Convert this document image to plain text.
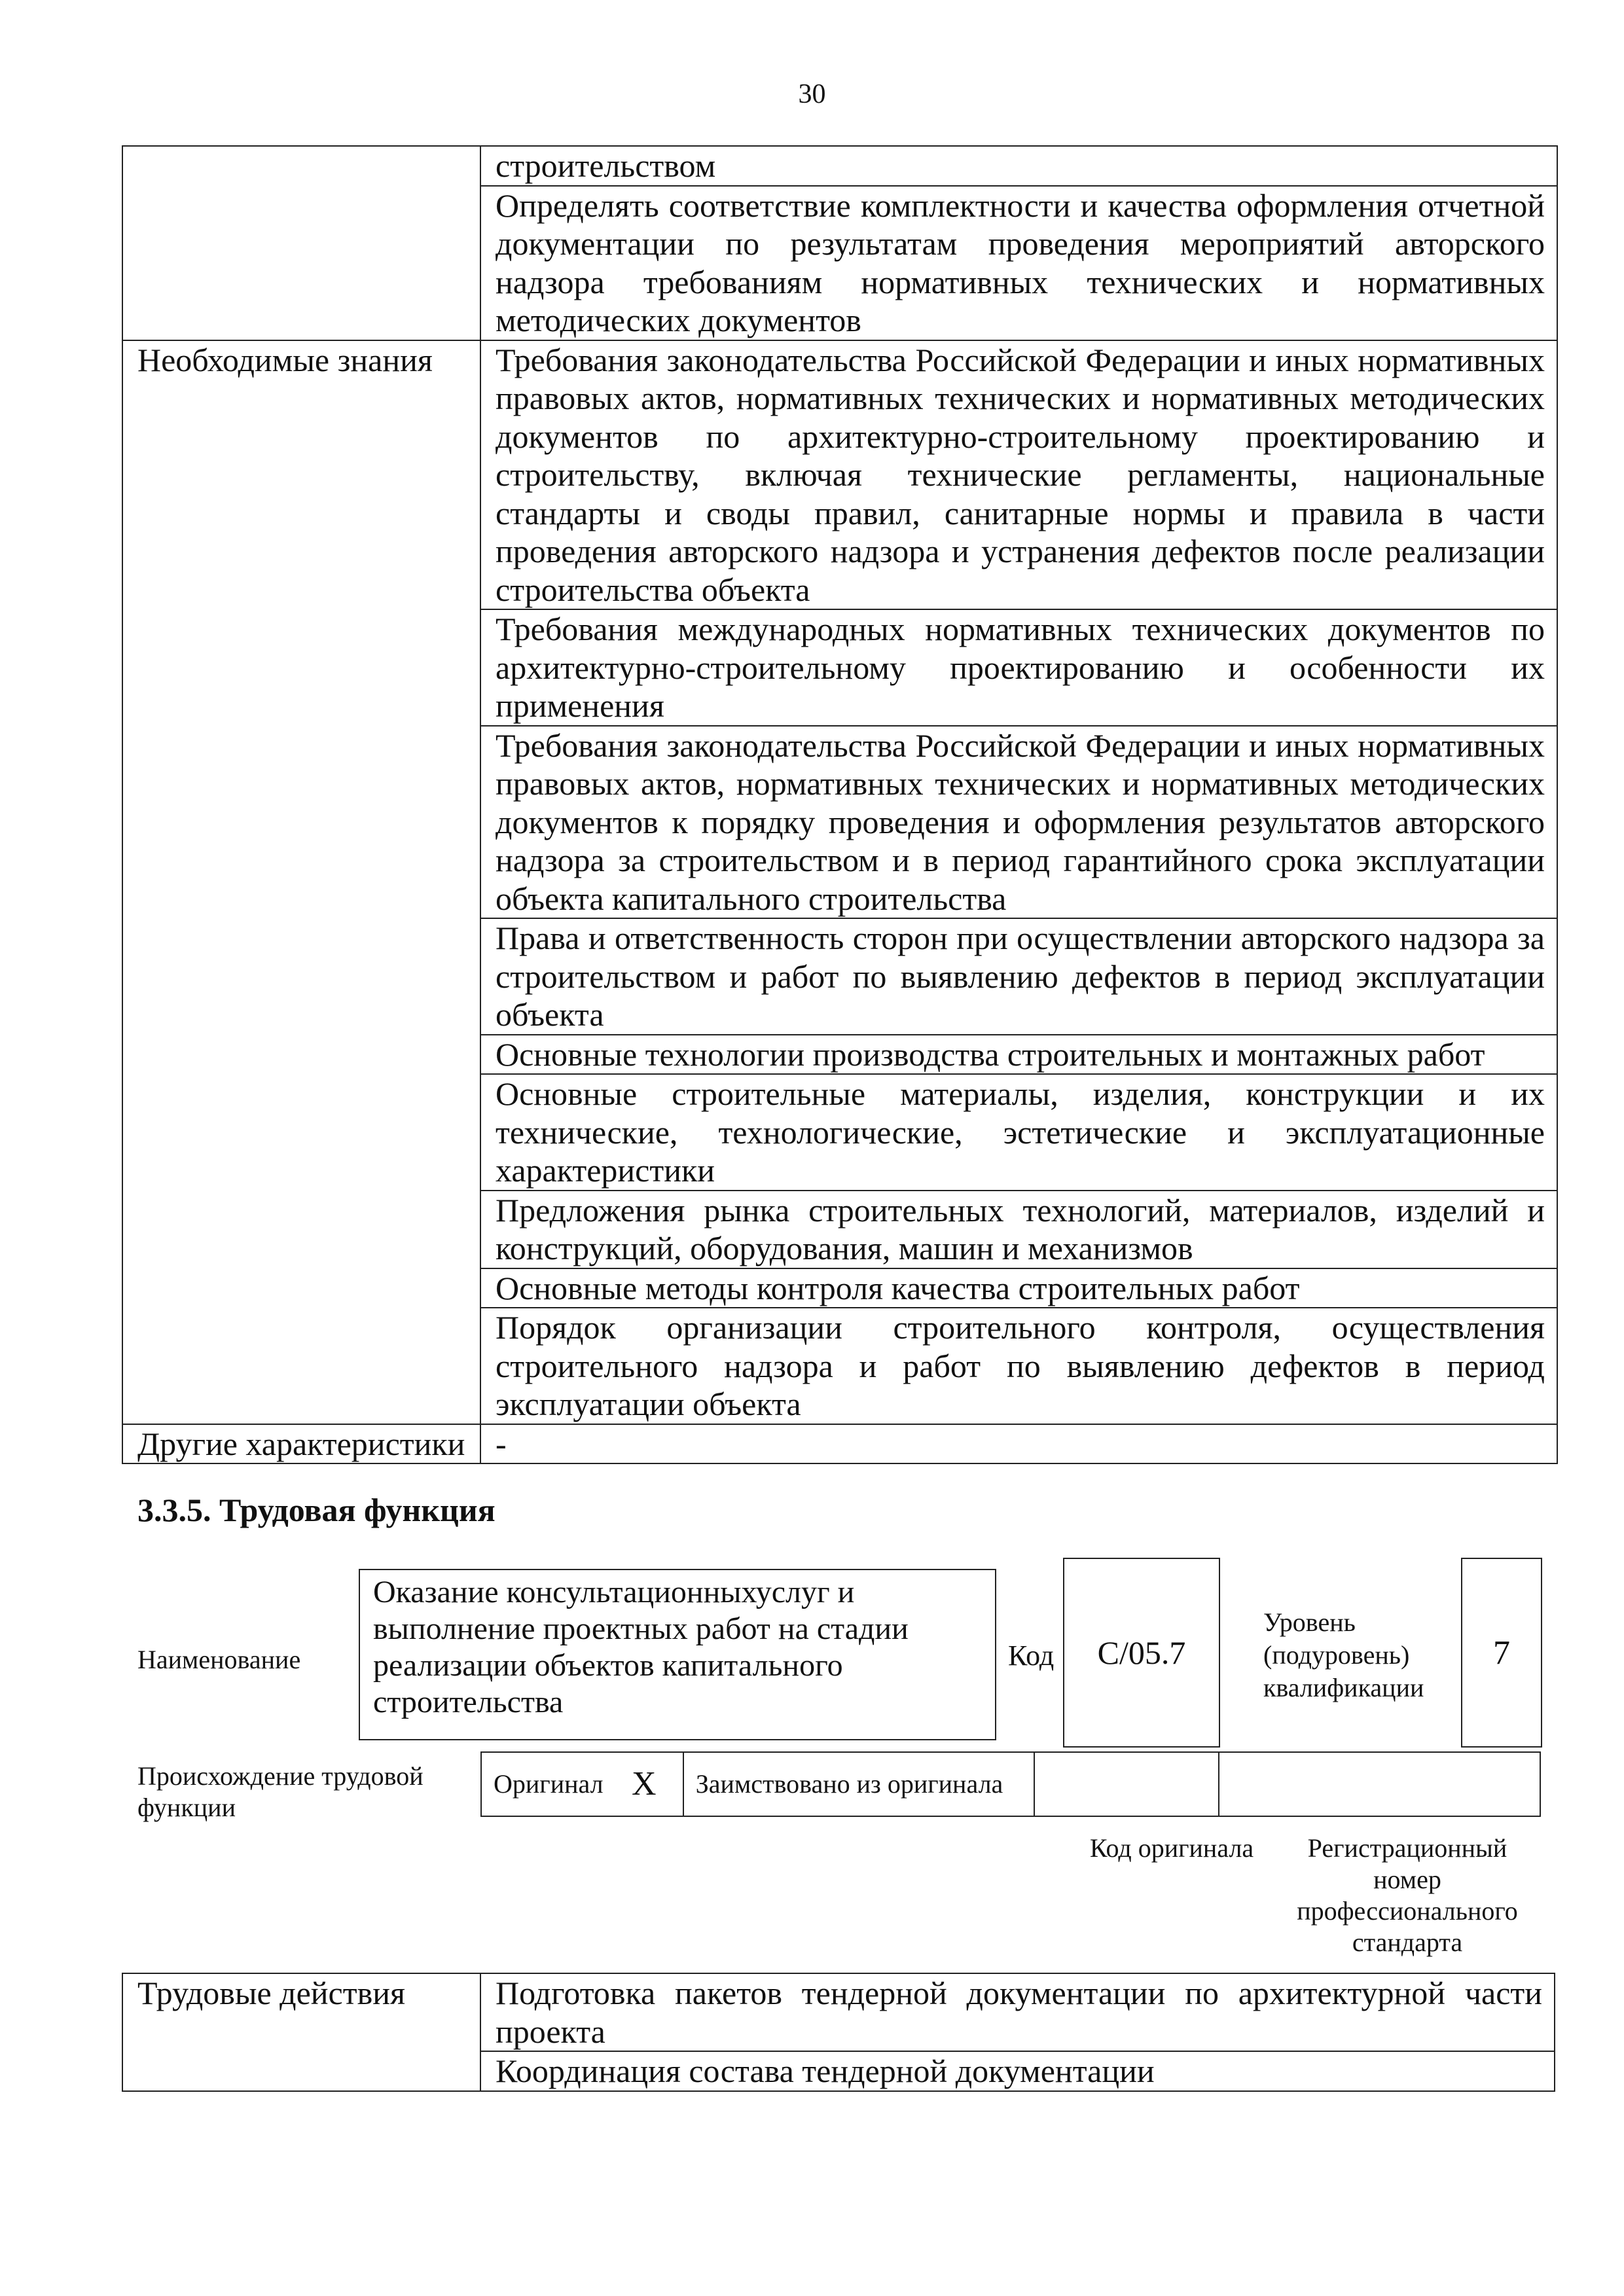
30
	строительством
	Определять соответствие комплектности и качества оформления отчетной документации по результатам проведения мероприятий авторского надзора требованиям нормативных технических и нормативных методических документов
Необходимые знания	Требования законодательства Российской Федерации и иных нормативных правовых актов, нормативных технических и нормативных методических документов по архитектурно-строительному проектированию и строительству, включая технические регламенты, национальные стандарты и своды правил, санитарные нормы и правила в части проведения авторского надзора и устранения дефектов после реализации строительства объекта
	Требования международных нормативных технических документов по архитектурно-строительному проектированию и особенности их применения
	Требования законодательства Российской Федерации и иных нормативных правовых актов, нормативных технических и нормативных методических документов к порядку проведения и оформления результатов авторского надзора за строительством и в период гарантийного срока эксплуатации объекта капитального строительства
	Права и ответственность сторон при осуществлении авторского надзора за строительством и работ по выявлению дефектов в период эксплуатации объекта
	Основные технологии производства строительных и монтажных работ
	Основные строительные материалы, изделия, конструкции и их технические, технологические, эстетические и эксплуатационные характеристики
	Предложения рынка строительных технологий, материалов, изделий и конструкций, оборудования, машин и механизмов
	Основные методы контроля качества строительных работ
	Порядок организации строительного контроля, осуществления строительного надзора и работ по выявлению дефектов в период эксплуатации объекта
Другие характеристики	-
3.3.5. Трудовая функция
Наименование
Оказание консультационныхуслуг и выполнение проектных работ на стадии реализации объектов капитального строительства
Код	C/05.7
Уровень (подуровень) квалификации
7
Происхождение трудовой функции
Оригинал	X	Заимствовано из оригинала		
Код оригинала	Регистрационный номер профессионального стандарта
Трудовые действия	Подготовка пакетов тендерной документации по архитектурной части проекта
Координация состава тендерной документации
